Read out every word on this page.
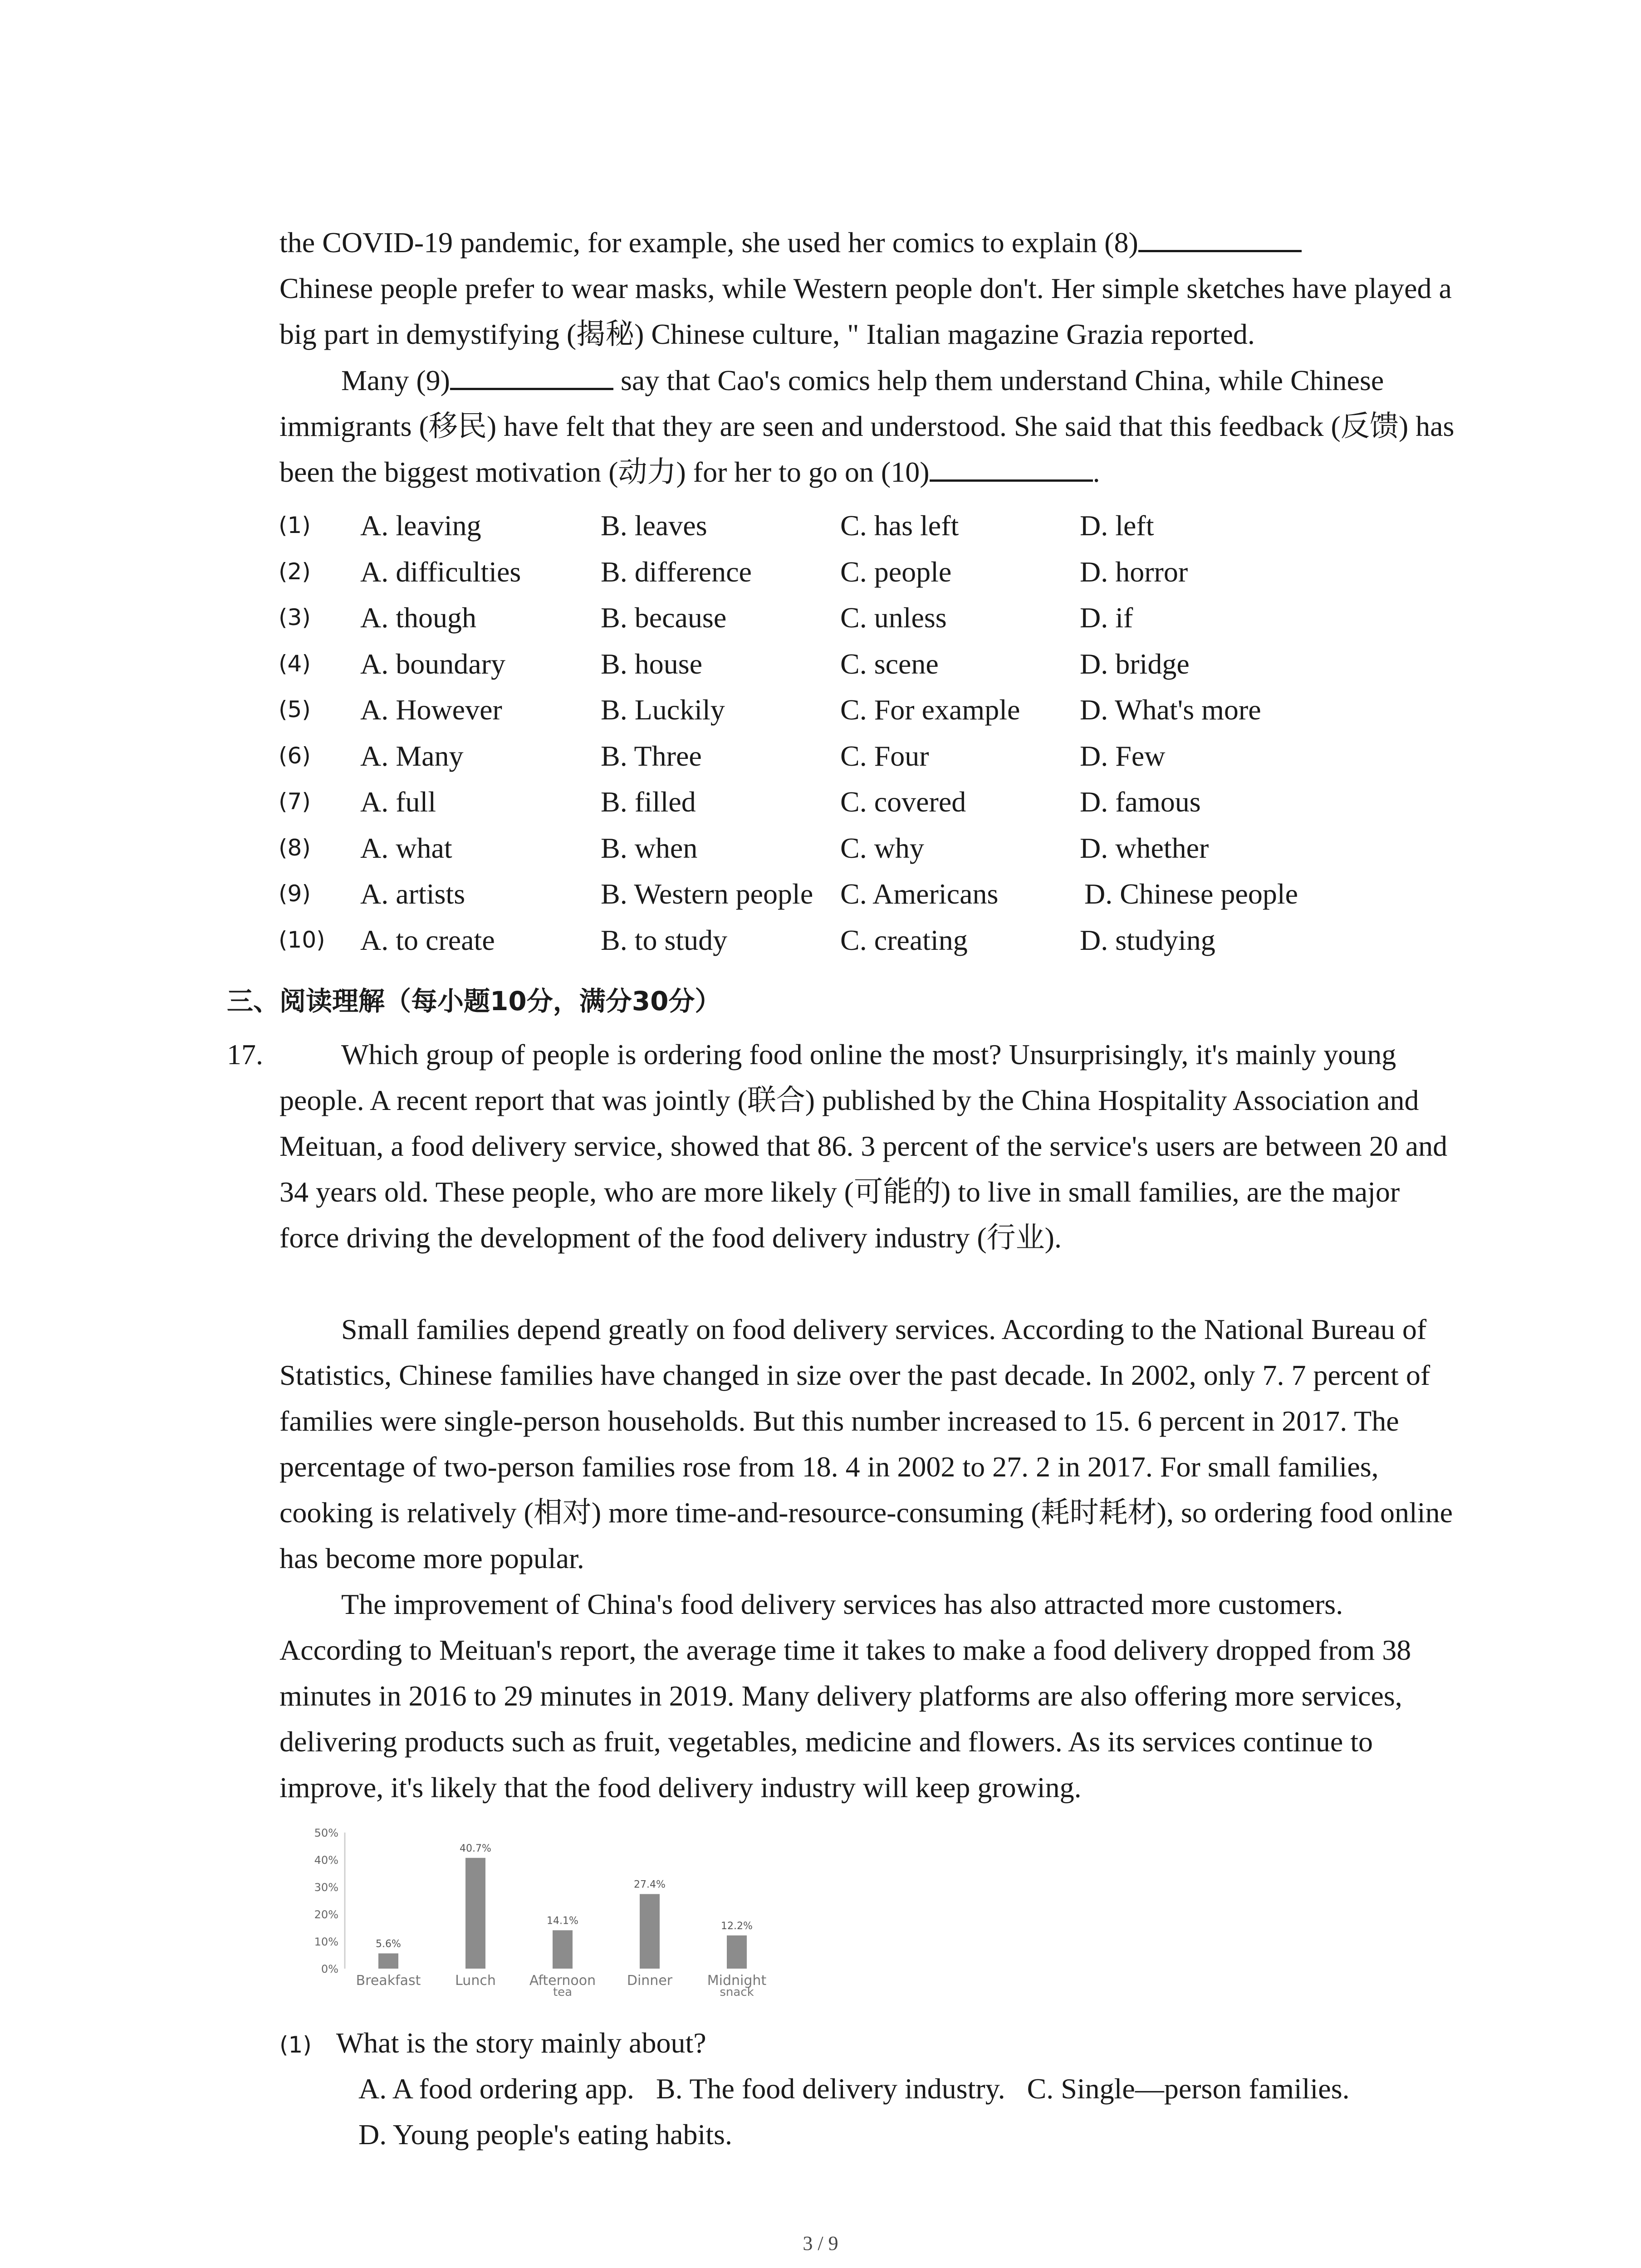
the COVID-19 pandemic, for example, she used her comics to explain (8)
Chinese people prefer to wear masks, while Western people don't. Her simple sketches have played a big part in demystifying (揭秘) Chinese culture, " Italian magazine Grazia reported.

Many (9)	say that Cao's comics help them understand China, while Chinese immigrants (移民) have felt that they are seen and understood. She said that this feedback (反馈) has been the biggest motivation (动力) for her to go on (10)	.

(1) A. leaving	B. leaves	C. has left	D. left
(2) A. difficulties	B. difference	C. people	D. horror
(3) A. though	B. because	C. unless	D. if
(4) A. boundary	B. house	C. scene	D. bridge
(5) A. However	B. Luckily	C. For example D. What's more
(6) A. Many	B. Three	C. Four	D. Few
(7) A. full	B. filled	C. covered	D. famous
(8) A. what	B. when	C. why	D. whether
(9) A. artists	B. Western people C. Americans	D. Chinese people
(10) A. to create	B. to study	C. creating	D. studying
三、阅读理解（每小题10分，满分30分）
17.	Which group of people is ordering food online the most? Unsurprisingly, it's mainly young people. A recent report that was jointly (联合) published by the China Hospitality Association and Meituan, a food delivery service, showed that 86. 3 percent of the service's users are between 20 and 34 years old. These people, who are more likely (可能的) to live in small families, are the major force driving the development of the food delivery industry (行业).

Small families depend greatly on food delivery services. According to the National Bureau of Statistics, Chinese families have changed in size over the past decade. In 2002, only 7. 7 percent of families were single-person households. But this number increased to 15. 6 percent in 2017. The percentage of two-person families rose from 18. 4 in 2002 to 27. 2 in 2017. For small families, cooking is relatively (相对) more time-and-resource-consuming (耗时耗材), so ordering food online has become more popular.

The improvement of China's food delivery services has also attracted more customers. According to Meituan's report, the average time it takes to make a food delivery dropped from 38 minutes in 2016 to 29 minutes in 2019. Many delivery platforms are also offering more services, delivering products such as fruit, vegetables, medicine and flowers. As its services continue to improve, it's likely that the food delivery industry will keep growing.

0%
10%
20%
30%
40%
50%
5.6%
Breakfast
40.7%
Lunch
14.1%
Afternoon
tea
27.4%
Dinner
12.2%
Midnight
snack
(1) What is the story mainly about?
A. A food ordering app.   B. The food delivery industry.   C. Single—person families.
D. Young people's eating habits.
3 / 9
